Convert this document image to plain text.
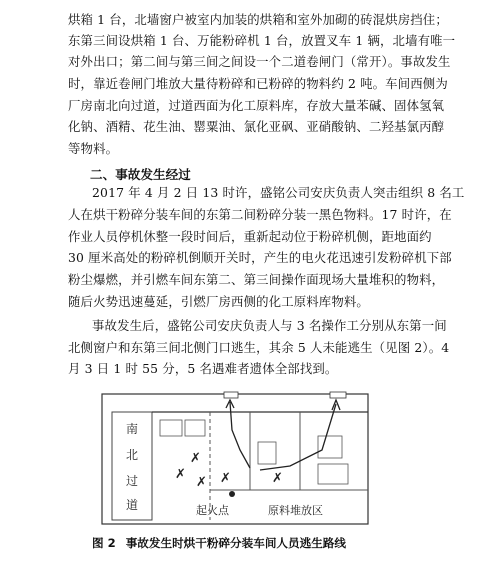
烘箱 1 台，北墙窗户被室内加装的烘箱和室外加砌的砖混烘房挡住；
东第三间设烘箱 1 台、万能粉碎机 1 台，放置叉车 1 辆，北墙有唯一
对外出口；第二间与第三间之间设一个二道卷闸门（常开）。事故发生
时，靠近卷闸门堆放大量待粉碎和已粉碎的物料约 2 吨。车间西侧为
厂房南北向过道，过道西面为化工原料库，存放大量苯碱、固体氢氧
化钠、酒精、花生油、罂粟油、氯化亚砜、亚硝酸钠、二羟基氯丙醇
等物料。
二、事故发生经过
2017 年 4 月 2 日 13 时许，盛铭公司安庆负责人突击组织 8 名工
人在烘干粉碎分装车间的东第二间粉碎分装一黑色物料。17 时许，在
作业人员停机休整一段时间后，重新起动位于粉碎机侧，距地面约
30 厘米高处的粉碎机倒顺开关时，产生的电火花迅速引发粉碎机下部
粉尘爆燃，并引燃车间东第二、第三间操作面现场大量堆积的物料，
随后火势迅速蔓延，引燃厂房西侧的化工原料库物料。
事故发生后，盛铭公司安庆负责人与 3 名操作工分别从东第一间
北侧窗户和东第三间北侧门口逃生，其余 5 人未能逃生（见图 2）。4
月 3 日 1 时 55 分，5 名遇难者遗体全部找到。
✗
✗	✗
✗
✗
南
北
过
道	起火点	原料堆放区
图 2 事故发生时烘干粉碎分装车间人员逃生路线
